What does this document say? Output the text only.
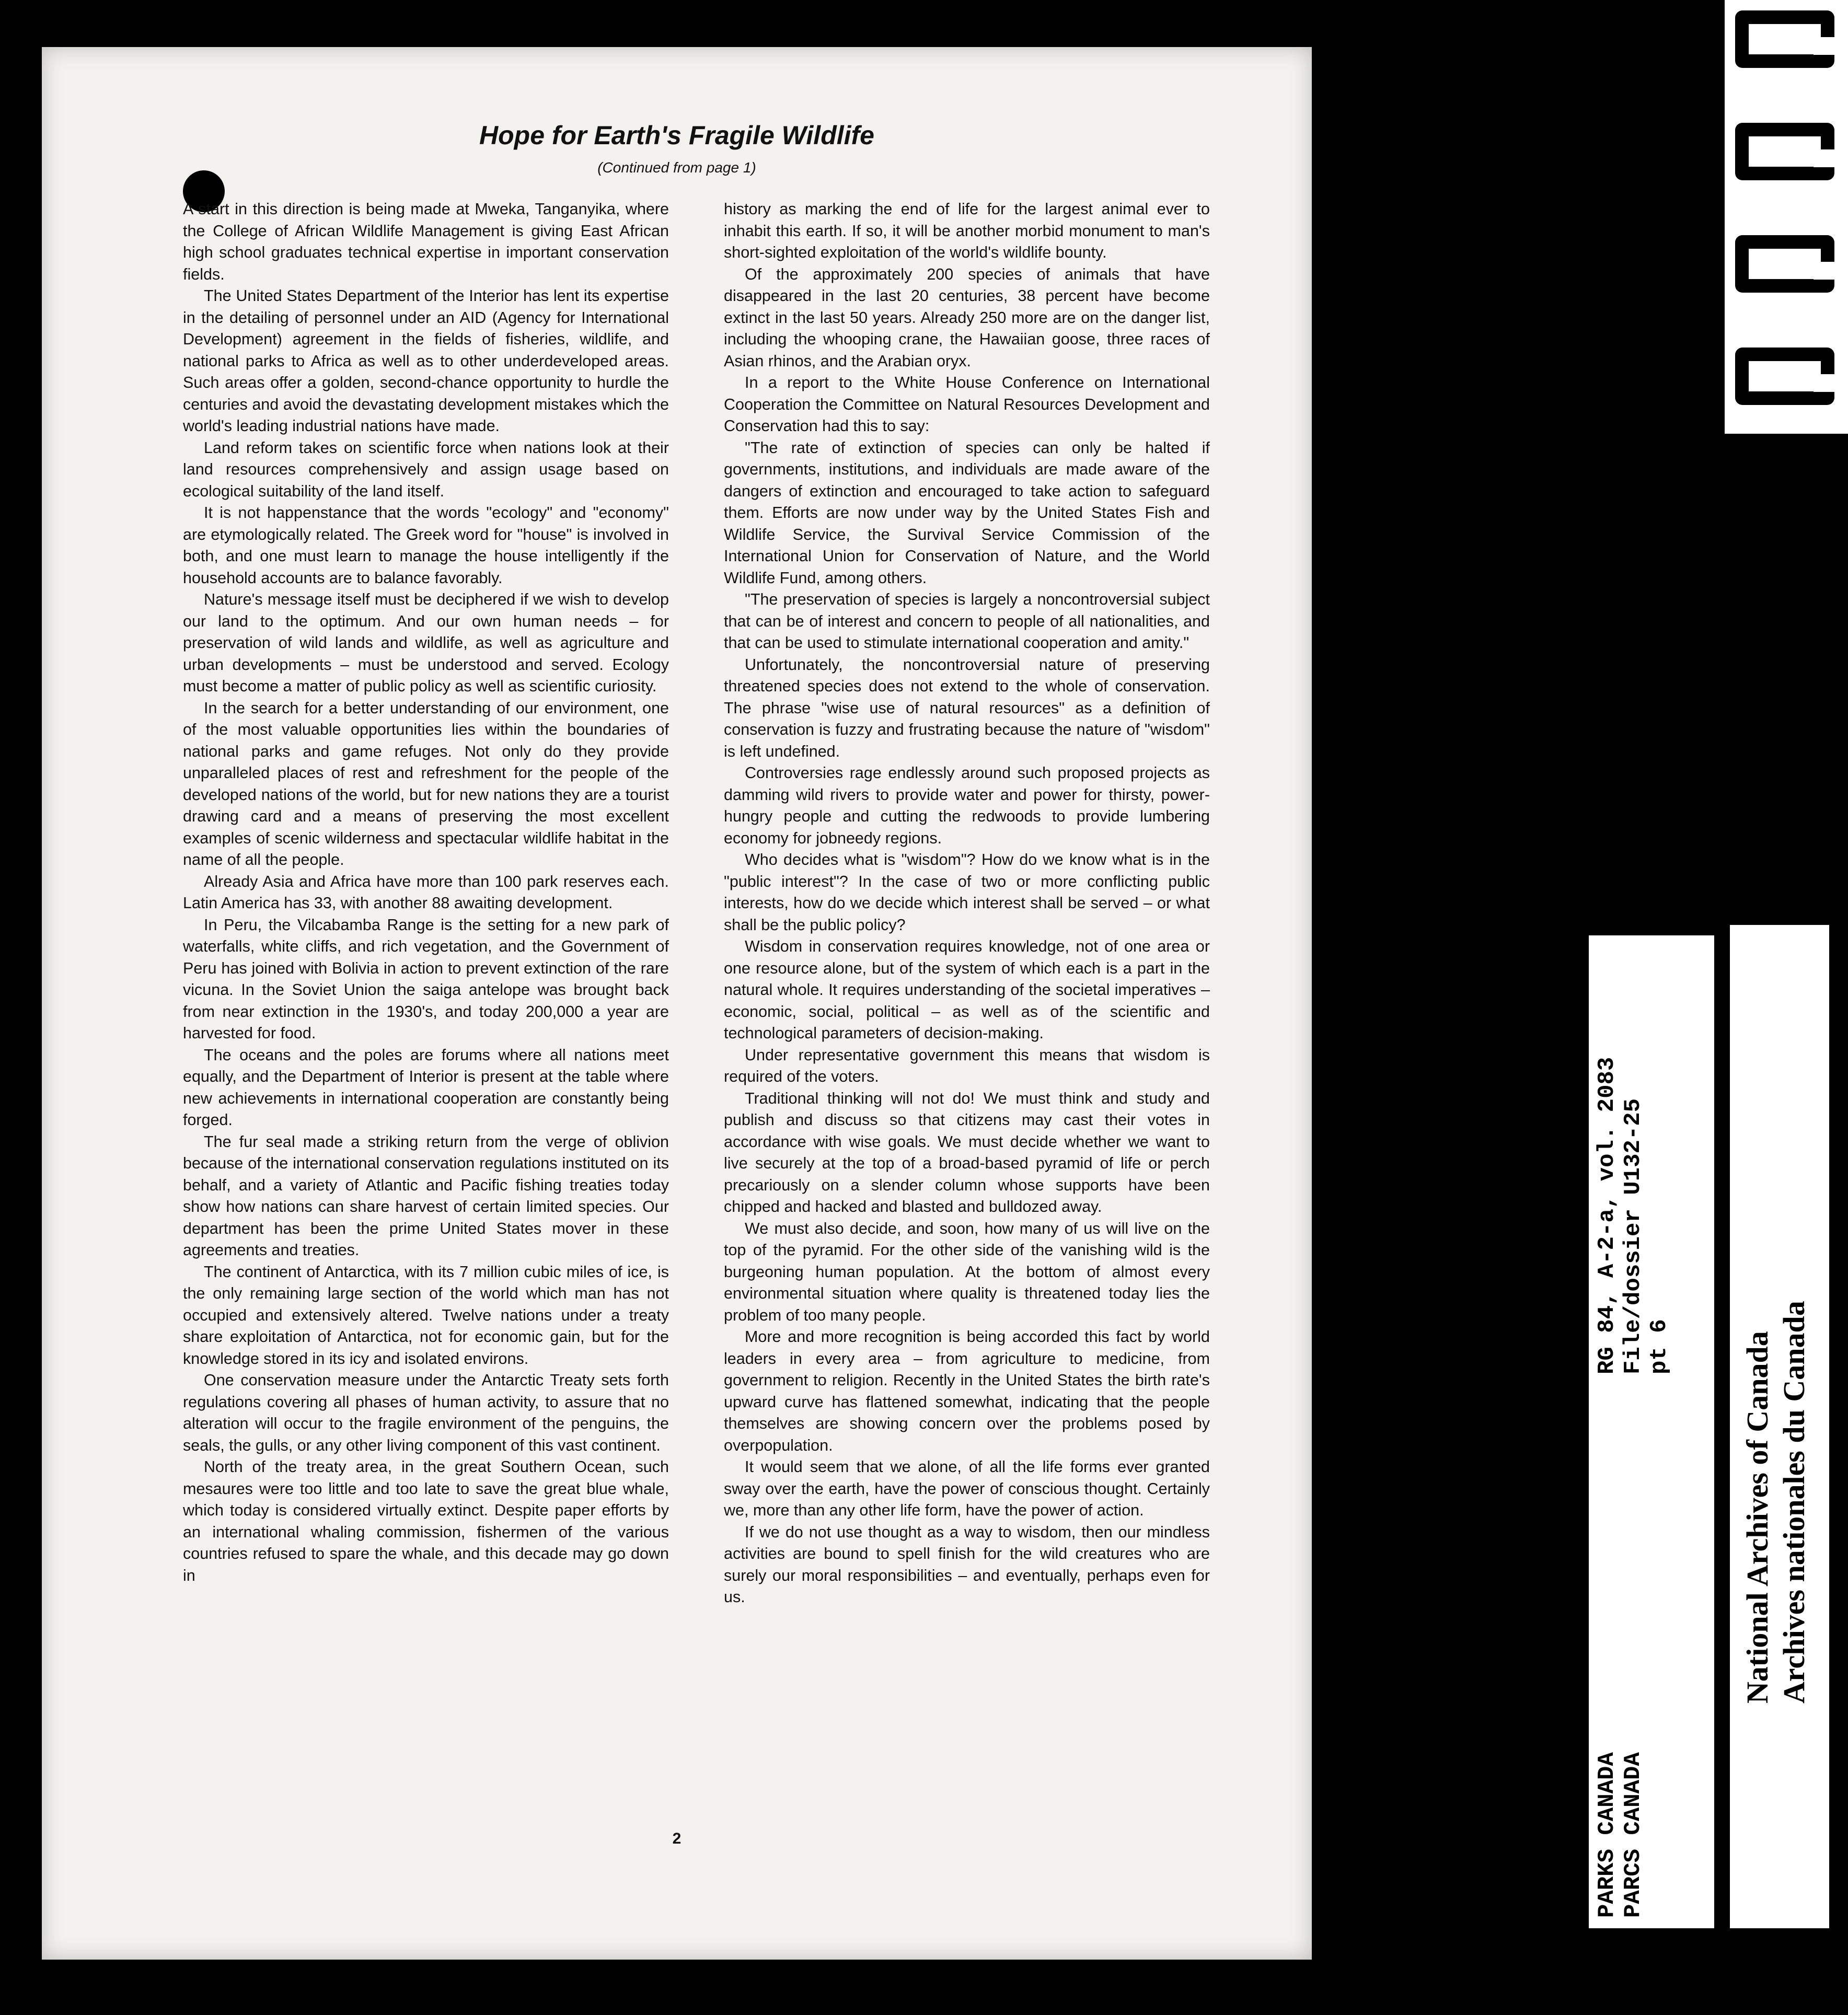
Hope for Earth's Fragile Wildlife
(Continued from page 1)

A start in this direction is being made at Mweka, Tanganyika, where the College of African Wildlife Management is giving East African high school graduates technical expertise in important conservation fields.

The United States Department of the Interior has lent its expertise in the detailing of personnel under an AID (Agency for International Development) agreement in the fields of fisheries, wildlife, and national parks to Africa as well as to other underdeveloped areas. Such areas offer a golden, second-chance opportunity to hurdle the centuries and avoid the devastating development mistakes which the world's leading industrial nations have made.

Land reform takes on scientific force when nations look at their land resources comprehensively and assign usage based on ecological suitability of the land itself.

It is not happenstance that the words "ecology" and "economy" are etymologically related. The Greek word for "house" is involved in both, and one must learn to manage the house intelligently if the household accounts are to balance favorably.

Nature's message itself must be deciphered if we wish to develop our land to the optimum. And our own human needs – for preservation of wild lands and wildlife, as well as agriculture and urban developments – must be understood and served. Ecology must become a matter of public policy as well as scientific curiosity.

In the search for a better understanding of our environment, one of the most valuable opportunities lies within the boundaries of national parks and game refuges. Not only do they provide unparalleled places of rest and refreshment for the people of the developed nations of the world, but for new nations they are a tourist drawing card and a means of preserving the most excellent examples of scenic wilderness and spectacular wildlife habitat in the name of all the people.

Already Asia and Africa have more than 100 park reserves each. Latin America has 33, with another 88 awaiting development.

In Peru, the Vilcabamba Range is the setting for a new park of waterfalls, white cliffs, and rich vegetation, and the Government of Peru has joined with Bolivia in action to prevent extinction of the rare vicuna. In the Soviet Union the saiga antelope was brought back from near extinction in the 1930's, and today 200,000 a year are harvested for food.

The oceans and the poles are forums where all nations meet equally, and the Department of Interior is present at the table where new achievements in international cooperation are constantly being forged.

The fur seal made a striking return from the verge of oblivion because of the international conservation regulations instituted on its behalf, and a variety of Atlantic and Pacific fishing treaties today show how nations can share harvest of certain limited species. Our department has been the prime United States mover in these agreements and treaties.

The continent of Antarctica, with its 7 million cubic miles of ice, is the only remaining large section of the world which man has not occupied and extensively altered. Twelve nations under a treaty share exploitation of Antarctica, not for economic gain, but for the knowledge stored in its icy and isolated environs.

One conservation measure under the Antarctic Treaty sets forth regulations covering all phases of human activity, to assure that no alteration will occur to the fragile environment of the penguins, the seals, the gulls, or any other living component of this vast continent.

North of the treaty area, in the great Southern Ocean, such mesaures were too little and too late to save the great blue whale, which today is considered virtually extinct. Despite paper efforts by an international whaling commission, fishermen of the various countries refused to spare the whale, and this decade may go down in

history as marking the end of life for the largest animal ever to inhabit this earth. If so, it will be another morbid monument to man's short-sighted exploitation of the world's wildlife bounty.

Of the approximately 200 species of animals that have disappeared in the last 20 centuries, 38 percent have become extinct in the last 50 years. Already 250 more are on the danger list, including the whooping crane, the Hawaiian goose, three races of Asian rhinos, and the Arabian oryx.

In a report to the White House Conference on International Cooperation the Committee on Natural Resources Development and Conservation had this to say:

"The rate of extinction of species can only be halted if governments, institutions, and individuals are made aware of the dangers of extinction and encouraged to take action to safeguard them. Efforts are now under way by the United States Fish and Wildlife Service, the Survival Service Commission of the International Union for Conservation of Nature, and the World Wildlife Fund, among others.

"The preservation of species is largely a noncontroversial subject that can be of interest and concern to people of all nationalities, and that can be used to stimulate international cooperation and amity."

Unfortunately, the noncontroversial nature of preserving threatened species does not extend to the whole of conservation. The phrase "wise use of natural resources" as a definition of conservation is fuzzy and frustrating because the nature of "wisdom" is left undefined.

Controversies rage endlessly around such proposed projects as damming wild rivers to provide water and power for thirsty, power-hungry people and cutting the redwoods to provide lumbering economy for jobneedy regions.

Who decides what is "wisdom"? How do we know what is in the "public interest"? In the case of two or more conflicting public interests, how do we decide which interest shall be served – or what shall be the public policy?

Wisdom in conservation requires knowledge, not of one area or one resource alone, but of the system of which each is a part in the natural whole. It requires understanding of the societal imperatives – economic, social, political – as well as of the scientific and technological parameters of decision-making.

Under representative government this means that wisdom is required of the voters.

Traditional thinking will not do! We must think and study and publish and discuss so that citizens may cast their votes in accordance with wise goals. We must decide whether we want to live securely at the top of a broad-based pyramid of life or perch precariously on a slender column whose supports have been chipped and hacked and blasted and bulldozed away.

We must also decide, and soon, how many of us will live on the top of the pyramid. For the other side of the vanishing wild is the burgeoning human population. At the bottom of almost every environmental situation where quality is threatened today lies the problem of too many people.

More and more recognition is being accorded this fact by world leaders in every area – from agriculture to medicine, from government to religion. Recently in the United States the birth rate's upward curve has flattened somewhat, indicating that the people themselves are showing concern over the problems posed by overpopulation.

It would seem that we alone, of all the life forms ever granted sway over the earth, have the power of conscious thought. Certainly we, more than any other life form, have the power of action.

If we do not use thought as a way to wisdom, then our mindless activities are bound to spell finish for the wild creatures who are surely our moral responsibilities – and eventually, perhaps even for us.

2	PARKS CANADA PARCS CANADA
RG 84, A-2-a, vol. 2083 File/dossier U132-25 pt 6 National Archives of Canada Archives nationales du Canada
